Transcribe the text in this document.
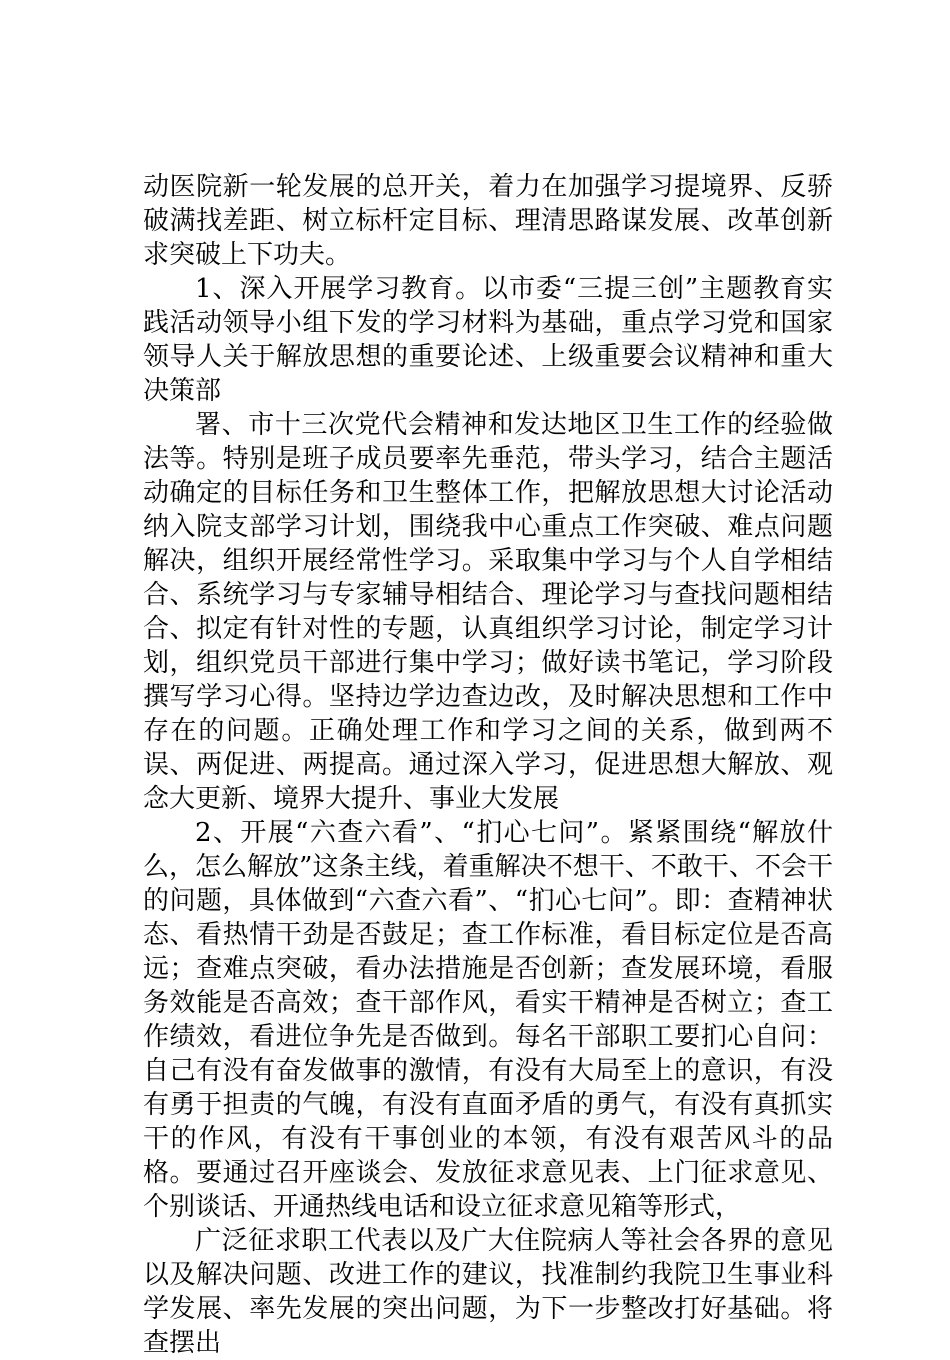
动医院新一轮发展的总开关，着力在加强学习提境界、反骄破满找差距、树立标杆定目标、理清思路谋发展、改革创新求突破上下功夫。

1、深入开展学习教育。以市委“三提三创”主题教育实践活动领导小组下发的学习材料为基础，重点学习党和国家领导人关于解放思想的重要论述、上级重要会议精神和重大决策部

署、市十三次党代会精神和发达地区卫生工作的经验做法等。特别是班子成员要率先垂范，带头学习，结合主题活动确定的目标任务和卫生整体工作，把解放思想大讨论活动纳入院支部学习计划，围绕我中心重点工作突破、难点问题解决，组织开展经常性学习。采取集中学习与个人自学相结合、系统学习与专家辅导相结合、理论学习与查找问题相结合、拟定有针对性的专题，认真组织学习讨论，制定学习计划，组织党员干部进行集中学习；做好读书笔记，学习阶段撰写学习心得。坚持边学边查边改，及时解决思想和工作中存在的问题。正确处理工作和学习之间的关系，做到两不误、两促进、两提高。通过深入学习，促进思想大解放、观念大更新、境界大提升、事业大发展

2、开展“六查六看”、“扪心七问”。紧紧围绕“解放什么，怎么解放”这条主线，着重解决不想干、不敢干、不会干的问题，具体做到“六查六看”、“扪心七问”。即：查精神状态、看热情干劲是否鼓足；查工作标准，看目标定位是否高远；查难点突破，看办法措施是否创新；查发展环境，看服务效能是否高效；查干部作风，看实干精神是否树立；查工作绩效，看进位争先是否做到。每名干部职工要扪心自问：自己有没有奋发做事的激情，有没有大局至上的意识，有没有勇于担责的气魄，有没有直面矛盾的勇气，有没有真抓实干的作风，有没有干事创业的本领，有没有艰苦风斗的品格。要通过召开座谈会、发放征求意见表、上门征求意见、个别谈话、开通热线电话和设立征求意见箱等形式，

广泛征求职工代表以及广大住院病人等社会各界的意见以及解决问题、改进工作的建议，找准制约我院卫生事业科学发展、率先发展的突出问题，为下一步整改打好基础。将查摆出
